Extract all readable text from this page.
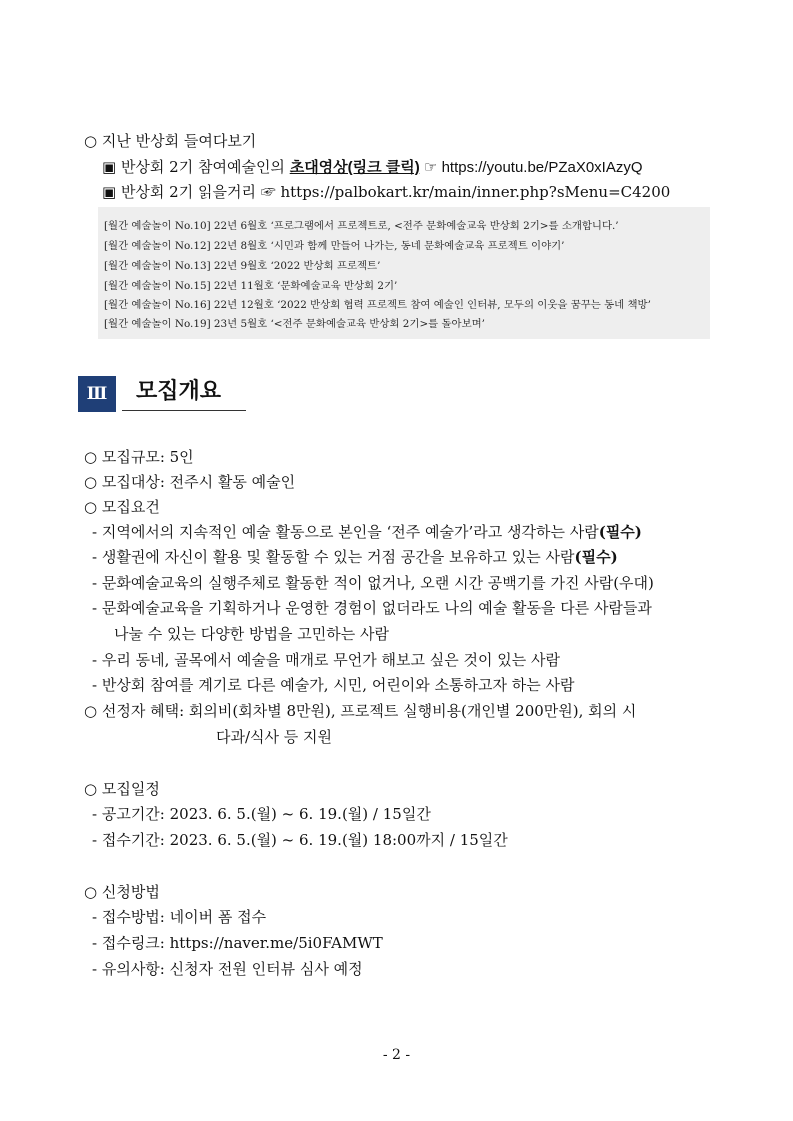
○ 지난 반상회 들여다보기
▣ 반상회 2기 참여예술인의 초대영상(링크 클릭) ☞ https://youtu.be/PZaX0xIAzyQ
▣ 반상회 2기 읽을거리 ☞ https://palbokart.kr/main/inner.php?sMenu=C4200
[월간 예술놀이 No.10] 22년 6월호 ‘프로그램에서 프로젝트로, <전주 문화예술교육 반상회 2기>를 소개합니다.’
[월간 예술놀이 No.12] 22년 8월호 ‘시민과 함께 만들어 나가는, 동네 문화예술교육 프로젝트 이야기’
[월간 예술놀이 No.13] 22년 9월호 ‘2022 반상회 프로젝트’
[월간 예술놀이 No.15] 22년 11월호 ‘문화예술교육 반상회 2기’
[월간 예술놀이 No.16] 22년 12월호 ‘2022 반상회 협력 프로젝트 참여 예술인 인터뷰, 모두의 이웃을 꿈꾸는 동네 책방’
[월간 예술놀이 No.19] 23년 5월호 ‘<전주 문화예술교육 반상회 2기>를 돌아보며’
Ⅲ	모집개요
○ 모집규모: 5인
○ 모집대상: 전주시 활동 예술인
○ 모집요건
- 지역에서의 지속적인 예술 활동으로 본인을 ‘전주 예술가’라고 생각하는 사람(필수)
- 생활권에 자신이 활용 및 활동할 수 있는 거점 공간을 보유하고 있는 사람(필수)
- 문화예술교육의 실행주체로 활동한 적이 없거나, 오랜 시간 공백기를 가진 사람(우대)
- 문화예술교육을 기획하거나 운영한 경험이 없더라도 나의 예술 활동을 다른 사람들과
나눌 수 있는 다양한 방법을 고민하는 사람
- 우리 동네, 골목에서 예술을 매개로 무언가 해보고 싶은 것이 있는 사람
- 반상회 참여를 계기로 다른 예술가, 시민, 어린이와 소통하고자 하는 사람
○ 선정자 혜택: 회의비(회차별 8만원), 프로젝트 실행비용(개인별 200만원), 회의 시
다과/식사 등 지원
○ 모집일정
- 공고기간: 2023. 6. 5.(월) ~ 6. 19.(월) / 15일간
- 접수기간: 2023. 6. 5.(월) ~ 6. 19.(월) 18:00까지 / 15일간
○ 신청방법
- 접수방법: 네이버 폼 접수
- 접수링크: https://naver.me/5i0FAMWT
- 유의사항: 신청자 전원 인터뷰 심사 예정
- 2 -
